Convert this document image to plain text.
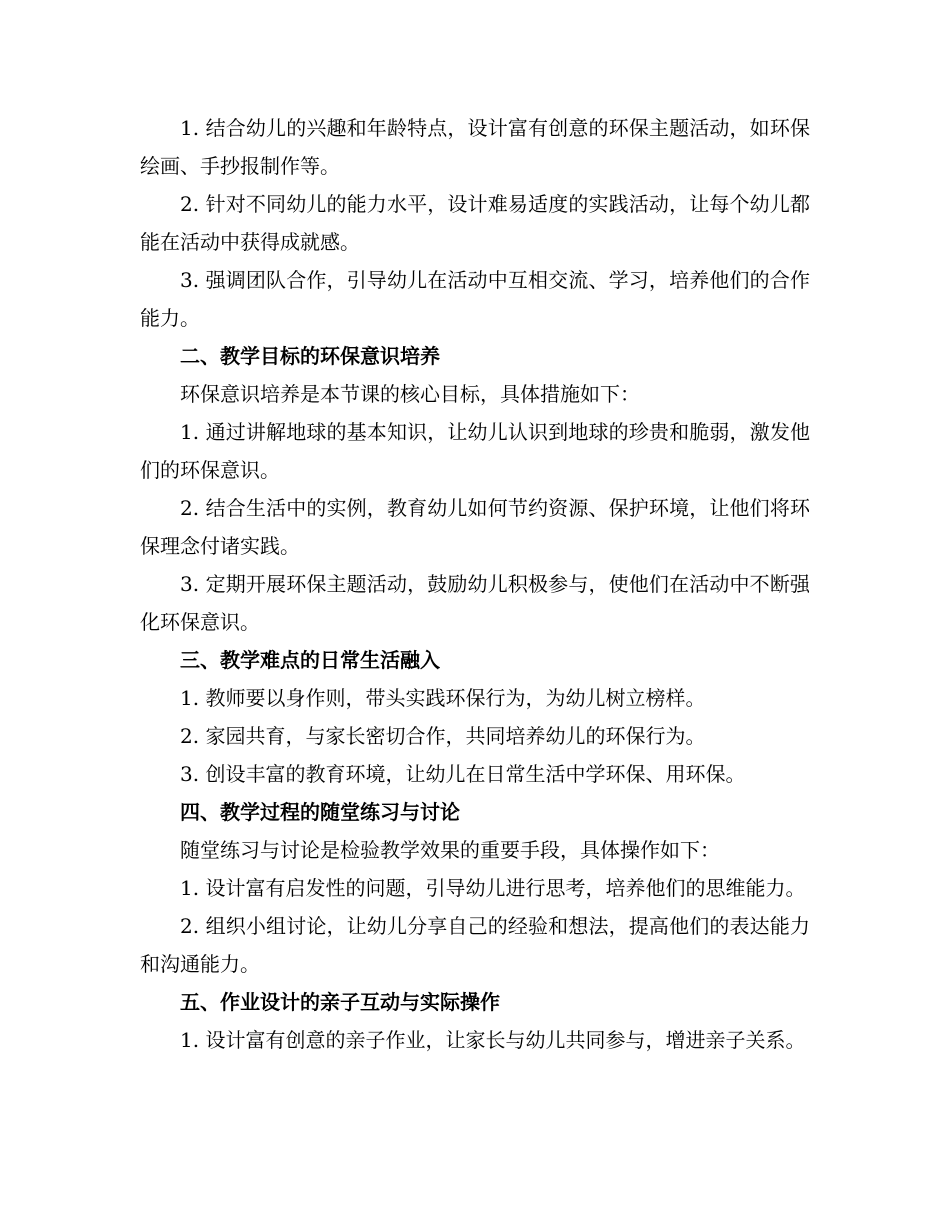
1. 结合幼儿的兴趣和年龄特点，设计富有创意的环保主题活动，如环保绘画、手抄报制作等。

2. 针对不同幼儿的能力水平，设计难易适度的实践活动，让每个幼儿都能在活动中获得成就感。

3. 强调团队合作，引导幼儿在活动中互相交流、学习，培养他们的合作能力。

二、教学目标的环保意识培养

环保意识培养是本节课的核心目标，具体措施如下：

1. 通过讲解地球的基本知识，让幼儿认识到地球的珍贵和脆弱，激发他们的环保意识。

2. 结合生活中的实例，教育幼儿如何节约资源、保护环境，让他们将环保理念付诸实践。

3. 定期开展环保主题活动，鼓励幼儿积极参与，使他们在活动中不断强化环保意识。

三、教学难点的日常生活融入

1. 教师要以身作则，带头实践环保行为，为幼儿树立榜样。

2. 家园共育，与家长密切合作，共同培养幼儿的环保行为。

3. 创设丰富的教育环境，让幼儿在日常生活中学环保、用环保。

四、教学过程的随堂练习与讨论

随堂练习与讨论是检验教学效果的重要手段，具体操作如下：

1. 设计富有启发性的问题，引导幼儿进行思考，培养他们的思维能力。

2. 组织小组讨论，让幼儿分享自己的经验和想法，提高他们的表达能力和沟通能力。

五、作业设计的亲子互动与实际操作

1. 设计富有创意的亲子作业，让家长与幼儿共同参与，增进亲子关系。
